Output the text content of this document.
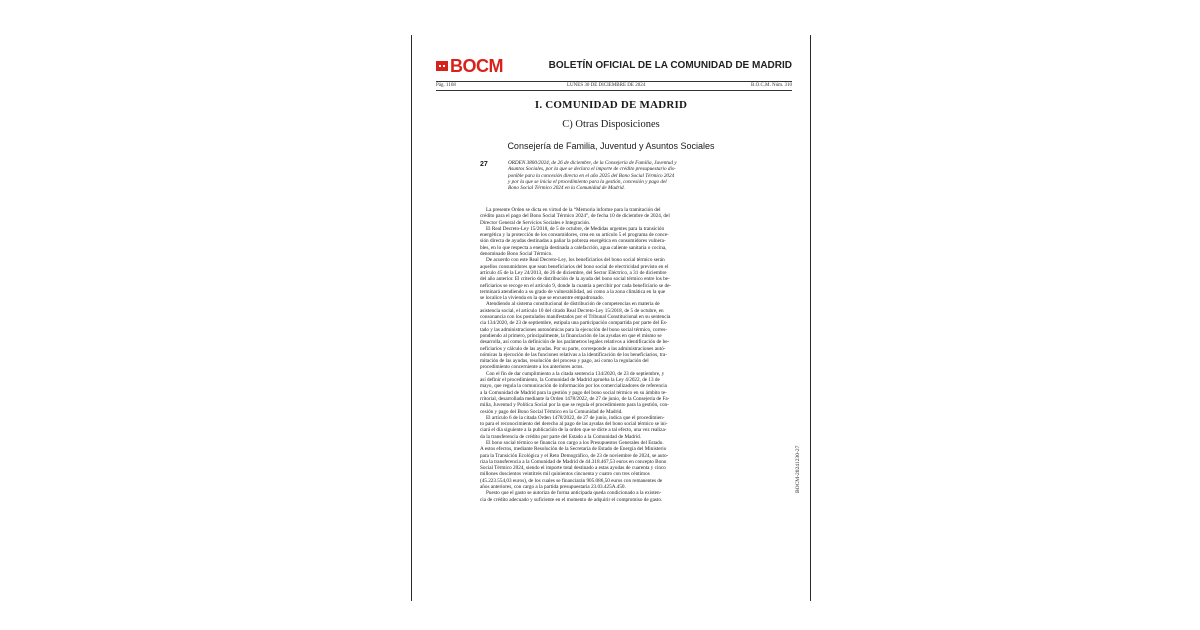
BOCM	BOLETÍN OFICIAL DE LA COMUNIDAD DE MADRID
Pág. 1168	LUNES 30 DE DICIEMBRE DE 2024	B.O.C.M. Núm. 310
I. COMUNIDAD DE MADRID
C) Otras Disposiciones
Consejería de Familia, Juventud y Asuntos Sociales
27	ORDEN 3800/2024, de 26 de diciembre, de la Consejería de Familia, Juventud y
Asuntos Sociales, por la que se declara el importe de crédito presupuestario dis-
ponible para la concesión directa en el año 2025 del Bono Social Térmico 2024
y por la que se inicia el procedimiento para la gestión, concesión y pago del
Bono Social Térmico 2024 en la Comunidad de Madrid.
La presente Orden se dicta en virtud de la “Memoria informe para la tramitación del
crédito para el pago del Bono Social Térmico 2024”, de fecha 10 de diciembre de 2024, del
Director General de Servicios Sociales e Integración.
El Real Decreto-Ley 15/2018, de 5 de octubre, de Medidas urgentes para la transición
energética y la protección de los consumidores, crea en su artículo 5 el programa de conce-
sión directa de ayudas destinadas a paliar la pobreza energética en consumidores vulnera-
bles, en lo que respecta a energía destinada a calefacción, agua caliente sanitaria o cocina,
denominado Bono Social Térmico.
De acuerdo con este Real Decreto-Ley, los beneficiarios del bono social térmico serán
aquellos consumidores que sean beneficiarios del bono social de electricidad previsto en el
artículo 45 de la Ley 24/2013, de 26 de diciembre, del Sector Eléctrico, a 31 de diciembre
del año anterior. El criterio de distribución de la ayuda del bono social térmico entre los be-
neficiarios se recoge en el artículo 9, donde la cuantía a percibir por cada beneficiario se de-
terminará atendiendo a su grado de vulnerabilidad, así como a la zona climática en la que
se localice la vivienda en la que se encuentre empadronado.
Atendiendo al sistema constitucional de distribución de competencias en materia de
asistencia social, el artículo 10 del citado Real Decreto-Ley 15/2018, de 5 de octubre, en
consonancia con los postulados manifestados por el Tribunal Constitucional en su sentencia
cia 134/2020, de 23 de septiembre, estipula una participación compartida por parte del Es-
tado y las administraciones autonómicas para la ejecución del bono social térmico, corres-
pondiendo al primero, principalmente, la financiación de las ayudas en que el mismo se
desarrolla, así como la definición de los parámetros legales relativos a identificación de be-
neficiarios y cálculo de las ayudas. Por su parte, corresponde a las administraciones autó-
nómicas la ejecución de las funciones relativas a la identificación de los beneficiarios, tra-
mitación de las ayudas, resolución del proceso y pago, así como la regulación del
procedimiento concerniente a los anteriores actos.
Con el fin de dar cumplimiento a la citada sentencia 134/2020, de 23 de septiembre, y
así definir el procedimiento, la Comunidad de Madrid aprueba la Ley 4/2022, de 13 de
mayo, que regula la comunicación de información por los comercializadores de referencia
a la Comunidad de Madrid para la gestión y pago del bono social térmico en su ámbito te-
rritorial, desarrollada mediante la Orden 1478/2022, de 27 de junio, de la Consejería de Fa-
milia, Juventud y Política Social por la que se regula el procedimiento para la gestión, con-
cesión y pago del Bono Social Térmico en la Comunidad de Madrid.
El artículo 6 de la citada Orden 1478/2022, de 27 de junio, indica que el procedimien-
to para el reconocimiento del derecho al pago de las ayudas del bono social térmico se ini-
ciará el día siguiente a la publicación de la orden que se dicte a tal efecto, una vez realiza-
da la transferencia de crédito por parte del Estado a la Comunidad de Madrid.
El bono social térmico se financia con cargo a los Presupuestos Generales del Estado.
A estos efectos, mediante Resolución de la Secretaría de Estado de Energía del Ministerio
para la Transición Ecológica y el Reto Demográfico, de 23 de noviembre de 2024, se auto-
riza la transferencia a la Comunidad de Madrid de 44.318.467,53 euros en concepto Bono
Social Térmico 2024, siendo el importe total destinado a estas ayudas de cuarenta y cinco
millones doscientos veintitrés mil quinientos cincuenta y cuatro con tres céntimos
(45.223.554,03 euros), de los cuales se financiarán 905.086,50 euros con remanentes de
años anteriores, con cargo a la partida presupuestaria 23.03.425A.450.
Puesto que el gasto se autoriza de forma anticipada queda condicionado a la existen-
cia de crédito adecuado y suficiente en el momento de adquirir el compromiso de gasto.
BOCM-20241230-27
